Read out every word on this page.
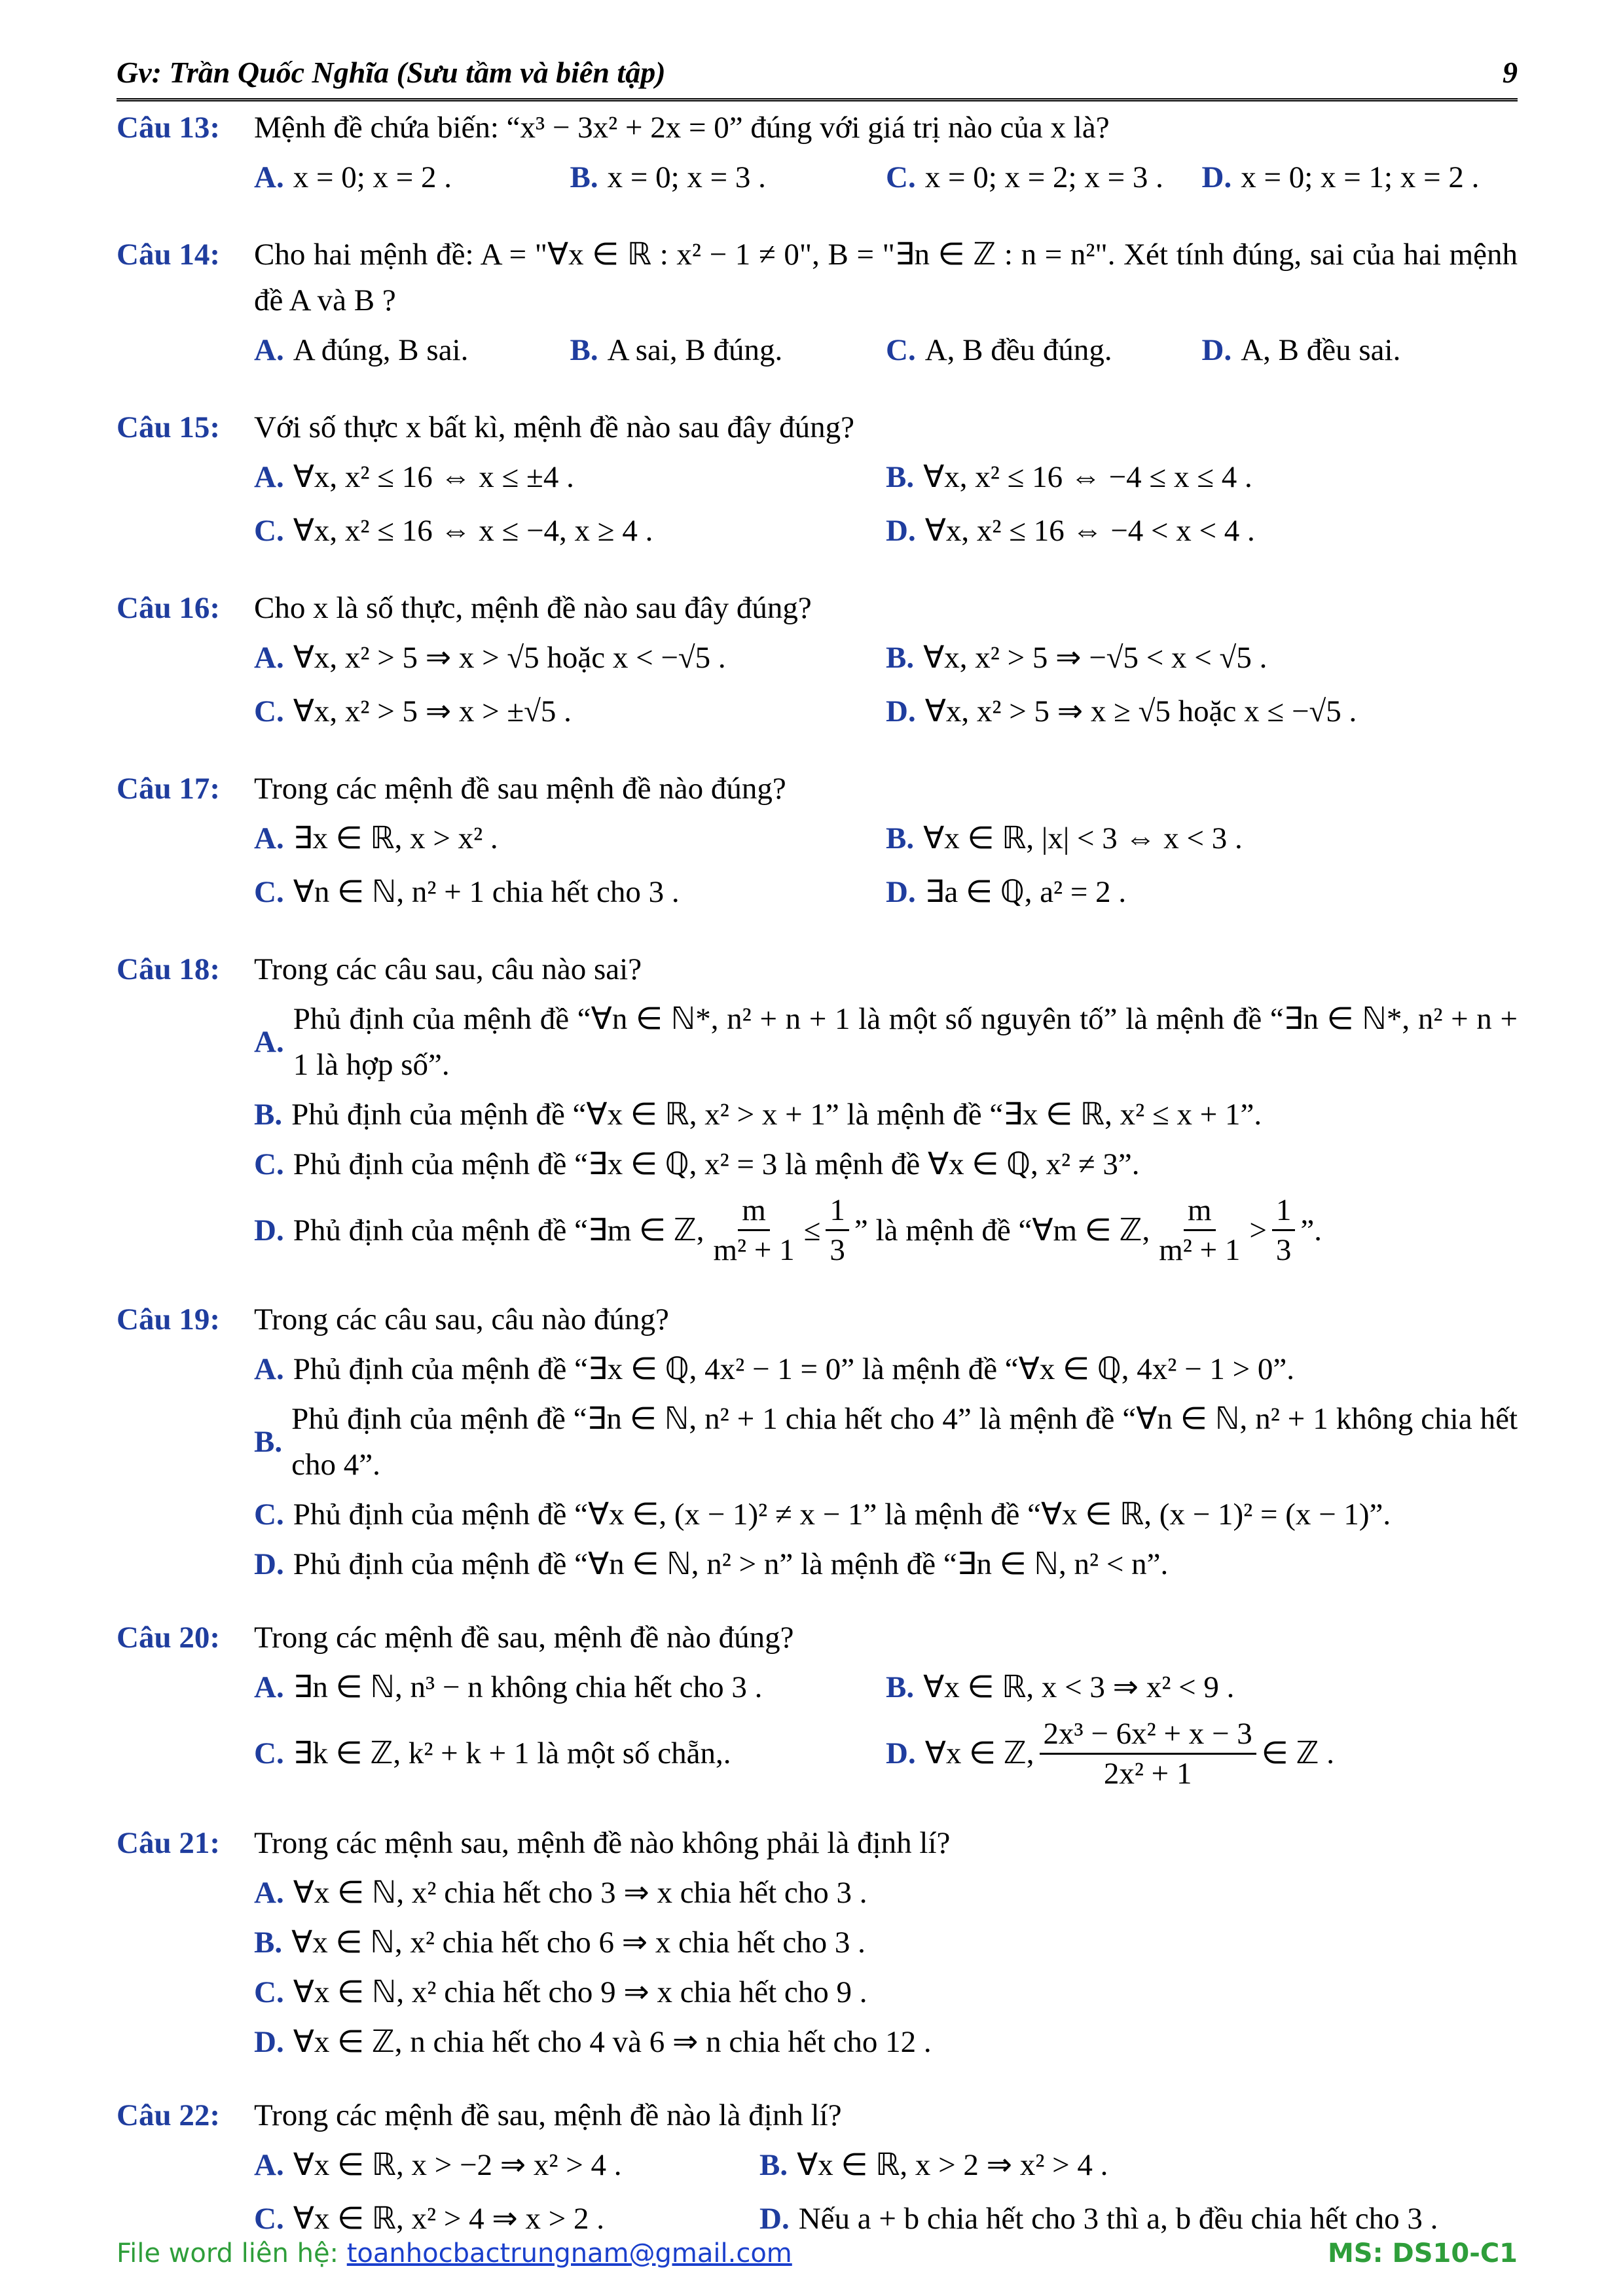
Gv: Trần Quốc Nghĩa (Sưu tầm và biên tập)	9
Câu 13:	Mệnh đề chứa biến: “x³ − 3x² + 2x = 0” đúng với giá trị nào của x là?
A. x = 0; x = 2 .	B. x = 0; x = 3 .	C. x = 0; x = 2; x = 3 . D. x = 0; x = 1; x = 2 .
Câu 14:	Cho hai mệnh đề: A = "∀x ∈ ℝ : x² − 1 ≠ 0", B = "∃n ∈ ℤ : n = n²". Xét tính đúng, sai của hai mệnh đề A và B ?
A. A đúng, B sai.	B. A sai, B đúng.	C. A, B đều đúng.	D. A, B đều sai.
Câu 15:	Với số thực x bất kì, mệnh đề nào sau đây đúng?
A. ∀x, x² ≤ 16 ⇔ x ≤ ±4 .	B. ∀x, x² ≤ 16 ⇔ −4 ≤ x ≤ 4 .
C. ∀x, x² ≤ 16 ⇔ x ≤ −4, x ≥ 4 .	D. ∀x, x² ≤ 16 ⇔ −4 < x < 4 .
Câu 16:	Cho x là số thực, mệnh đề nào sau đây đúng?
A. ∀x, x² > 5 ⇒ x > √5 hoặc x < −√5 .	B. ∀x, x² > 5 ⇒ −√5 < x < √5 .
C. ∀x, x² > 5 ⇒ x > ±√5 .	D. ∀x, x² > 5 ⇒ x ≥ √5 hoặc x ≤ −√5 .
Câu 17:	Trong các mệnh đề sau mệnh đề nào đúng?
A. ∃x ∈ ℝ, x > x² .	B. ∀x ∈ ℝ, |x| < 3 ⇔ x < 3 .
C. ∀n ∈ ℕ, n² + 1 chia hết cho 3 .	D. ∃a ∈ ℚ, a² = 2 .
Câu 18:	Trong các câu sau, câu nào sai?
A.
Phủ định của mệnh đề “∀n ∈ ℕ*, n² + n + 1 là một số nguyên tố” là mệnh đề “∃n ∈ ℕ*, n² + n + 1 là hợp số”.
B. Phủ định của mệnh đề “∀x ∈ ℝ, x² > x + 1” là mệnh đề “∃x ∈ ℝ, x² ≤ x + 1”.
C. Phủ định của mệnh đề “∃x ∈ ℚ, x² = 3 là mệnh đề ∀x ∈ ℚ, x² ≠ 3”.
D. Phủ định của mệnh đề “∃m ∈ ℤ, $\frac{m}{\text{m² + 1}} \le \frac{1}{3}$ ” là mệnh đề “∀m ∈ ℤ, $\frac{m}{\text{m² + 1}} > \frac{1}{3}$ ”.
Câu 19:	Trong các câu sau, câu nào đúng?
A. Phủ định của mệnh đề “∃x ∈ ℚ, 4x² − 1 = 0” là mệnh đề “∀x ∈ ℚ, 4x² − 1 > 0”.
B.
Phủ định của mệnh đề “∃n ∈ ℕ, n² + 1 chia hết cho 4” là mệnh đề “∀n ∈ ℕ, n² + 1 không chia hết cho 4”.
C. Phủ định của mệnh đề “∀x ∈, (x − 1)² ≠ x − 1” là mệnh đề “∀x ∈ ℝ, (x − 1)² = (x − 1)”.
D. Phủ định của mệnh đề “∀n ∈ ℕ, n² > n” là mệnh đề “∃n ∈ ℕ, n² < n”.
Câu 20:	Trong các mệnh đề sau, mệnh đề nào đúng?
A. ∃n ∈ ℕ, n³ − n không chia hết cho 3 .	B. ∀x ∈ ℝ, x < 3 ⇒ x² < 9 .
C. ∃k ∈ ℤ, k² + k + 1 là một số chẵn,.	D. ∀x ∈ ℤ, $\frac{\text{2x³ − 6x² + x − 3}}{\text{2x² + 1}}$ ∈ ℤ .
Câu 21:	Trong các mệnh sau, mệnh đề nào không phải là định lí?
A. ∀x ∈ ℕ, x² chia hết cho 3 ⇒ x chia hết cho 3 .
B. ∀x ∈ ℕ, x² chia hết cho 6 ⇒ x chia hết cho 3 .
C. ∀x ∈ ℕ, x² chia hết cho 9 ⇒ x chia hết cho 9 .
D. ∀x ∈ ℤ, n chia hết cho 4 và 6 ⇒ n chia hết cho 12 .
Câu 22:	Trong các mệnh đề sau, mệnh đề nào là định lí?
A. ∀x ∈ ℝ, x > −2 ⇒ x² > 4 .	B. ∀x ∈ ℝ, x > 2 ⇒ x² > 4 .
C. ∀x ∈ ℝ, x² > 4 ⇒ x > 2 .	D. Nếu a + b chia hết cho 3 thì a, b đều chia hết cho 3 .
File word liên hệ: toanhocbactrungnam@gmail.com	MS: DS10-C1
